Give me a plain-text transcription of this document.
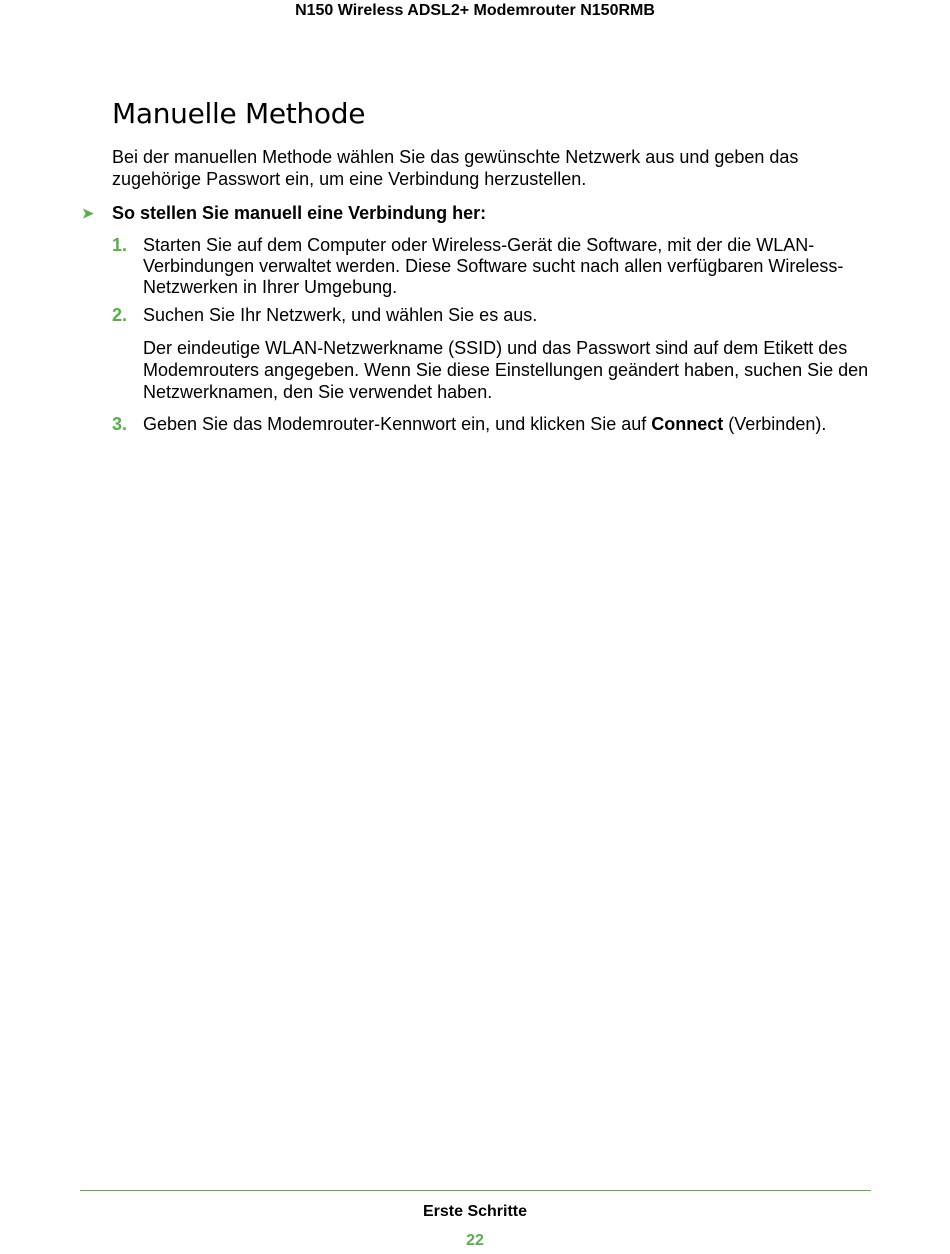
N150 Wireless ADSL2+ Modemrouter N150RMB
Manuelle Methode

Bei der manuellen Methode wählen Sie das gewünschte Netzwerk aus und geben das zugehörige Passwort ein, um eine Verbindung herzustellen.

➤ So stellen Sie manuell eine Verbindung her:
1. Starten Sie auf dem Computer oder Wireless-Gerät die Software, mit der die WLAN-Verbindungen verwaltet werden. Diese Software sucht nach allen verfügbaren Wireless-Netzwerken in Ihrer Umgebung.
2. Suchen Sie Ihr Netzwerk, und wählen Sie es aus.
Der eindeutige WLAN-Netzwerkname (SSID) und das Passwort sind auf dem Etikett des Modemrouters angegeben. Wenn Sie diese Einstellungen geändert haben, suchen Sie den Netzwerknamen, den Sie verwendet haben.
3. Geben Sie das Modemrouter-Kennwort ein, und klicken Sie auf Connect (Verbinden).
Erste Schritte
22
